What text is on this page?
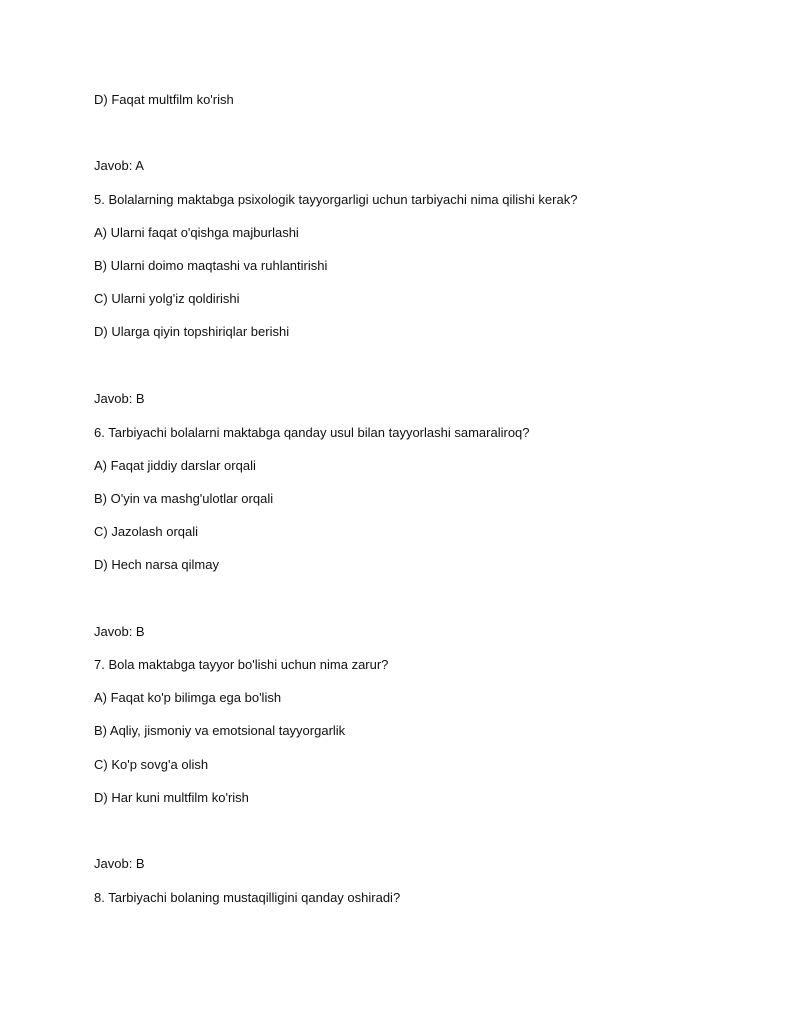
D) Faqat multfilm ko'rish
Javob: A
5. Bolalarning maktabga psixologik tayyorgarligi uchun tarbiyachi nima qilishi kerak?
A) Ularni faqat o'qishga majburlashi
B) Ularni doimo maqtashi va ruhlantirishi
C) Ularni yolg'iz qoldirishi
D) Ularga qiyin topshiriqlar berishi
Javob: B
6. Tarbiyachi bolalarni maktabga qanday usul bilan tayyorlashi samaraliroq?
A) Faqat jiddiy darslar orqali
B) O'yin va mashg'ulotlar orqali
C) Jazolash orqali
D) Hech narsa qilmay
Javob: B
7. Bola maktabga tayyor bo'lishi uchun nima zarur?
A) Faqat ko'p bilimga ega bo'lish
B) Aqliy, jismoniy va emotsional tayyorgarlik
C) Ko'p sovg'a olish
D) Har kuni multfilm ko'rish
Javob: B
8. Tarbiyachi bolaning mustaqilligini qanday oshiradi?
